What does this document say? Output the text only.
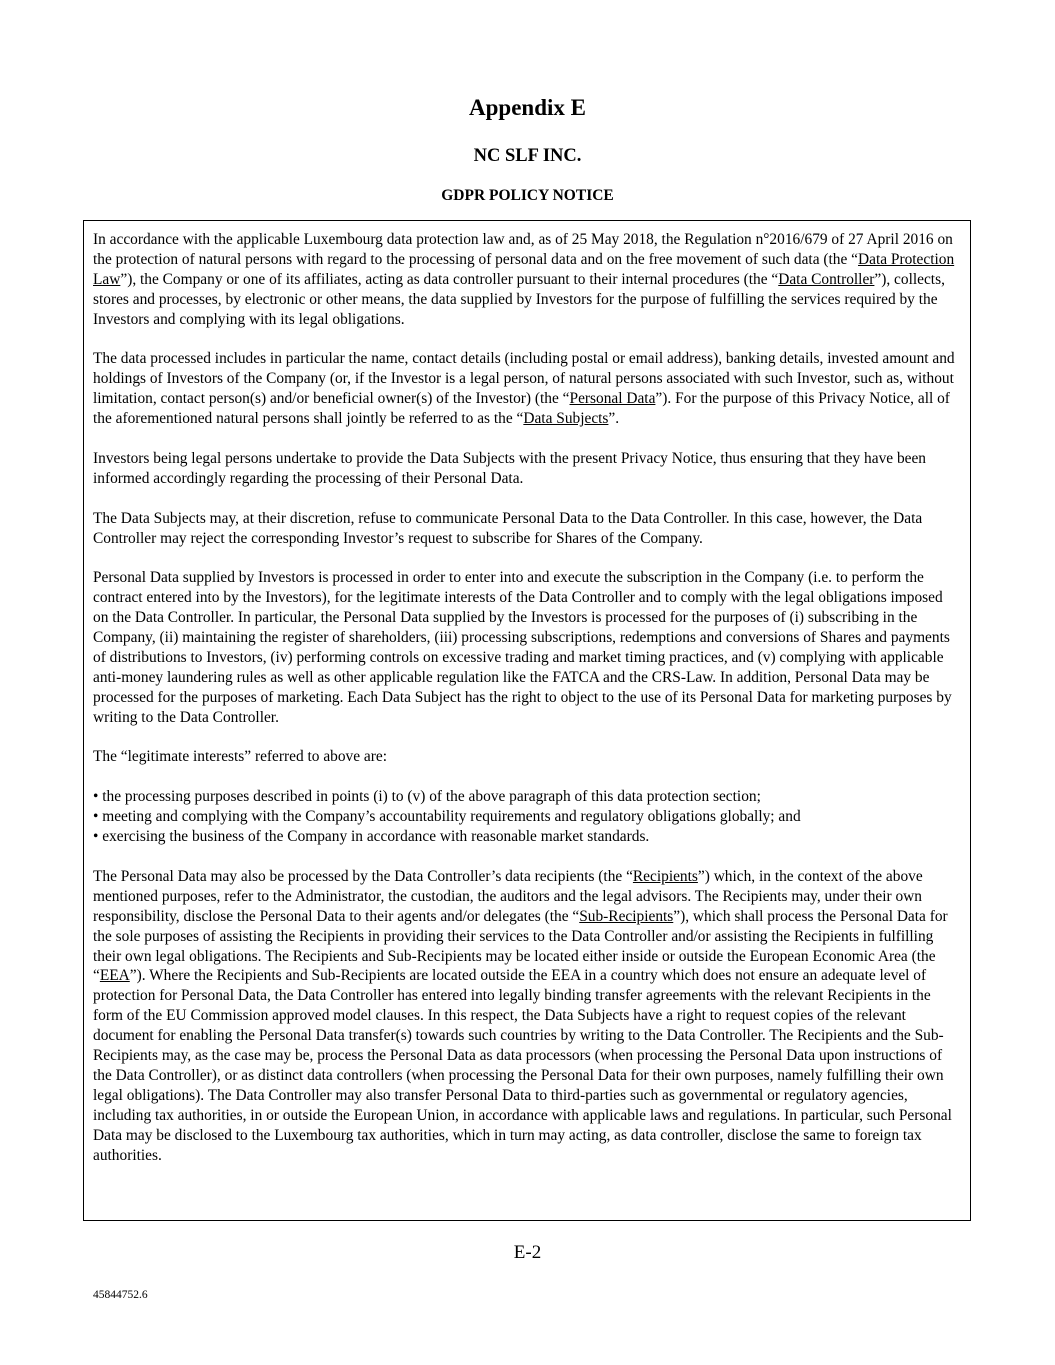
Appendix E
NC SLF INC.
GDPR POLICY NOTICE

In accordance with the applicable Luxembourg data protection law and, as of 25 May 2018, the Regulation n°2016/679 of 27 April 2016 on the protection of natural persons with regard to the processing of personal data and on the free movement of such data (the “Data Protection Law”), the Company or one of its affiliates, acting as data controller pursuant to their internal procedures (the “Data Controller”), collects, stores and processes, by electronic or other means, the data supplied by Investors for the purpose of fulfilling the services required by the Investors and complying with its legal obligations.

The data processed includes in particular the name, contact details (including postal or email address), banking details, invested amount and holdings of Investors of the Company (or, if the Investor is a legal person, of natural persons associated with such Investor, such as, without limitation, contact person(s) and/or beneficial owner(s) of the Investor) (the “Personal Data”). For the purpose of this Privacy Notice, all of the aforementioned natural persons shall jointly be referred to as the “Data Subjects”.

Investors being legal persons undertake to provide the Data Subjects with the present Privacy Notice, thus ensuring that they have been informed accordingly regarding the processing of their Personal Data.

The Data Subjects may, at their discretion, refuse to communicate Personal Data to the Data Controller. In this case, however, the Data Controller may reject the corresponding Investor’s request to subscribe for Shares of the Company.

Personal Data supplied by Investors is processed in order to enter into and execute the subscription in the Company (i.e. to perform the contract entered into by the Investors), for the legitimate interests of the Data Controller and to comply with the legal obligations imposed on the Data Controller. In particular, the Personal Data supplied by the Investors is processed for the purposes of (i) subscribing in the Company, (ii) maintaining the register of shareholders, (iii) processing subscriptions, redemptions and conversions of Shares and payments of distributions to Investors, (iv) performing controls on excessive trading and market timing practices, and (v) complying with applicable anti-money laundering rules as well as other applicable regulation like the FATCA and the CRS-Law. In addition, Personal Data may be processed for the purposes of marketing. Each Data Subject has the right to object to the use of its Personal Data for marketing purposes by writing to the Data Controller.

The “legitimate interests” referred to above are:

• the processing purposes described in points (i) to (v) of the above paragraph of this data protection section;
• meeting and complying with the Company’s accountability requirements and regulatory obligations globally; and
• exercising the business of the Company in accordance with reasonable market standards.

The Personal Data may also be processed by the Data Controller’s data recipients (the “Recipients”) which, in the context of the above mentioned purposes, refer to the Administrator, the custodian, the auditors and the legal advisors. The Recipients may, under their own responsibility, disclose the Personal Data to their agents and/or delegates (the “Sub-Recipients”), which shall process the Personal Data for the sole purposes of assisting the Recipients in providing their services to the Data Controller and/or assisting the Recipients in fulfilling their own legal obligations. The Recipients and Sub-Recipients may be located either inside or outside the European Economic Area (the “EEA”). Where the Recipients and Sub-Recipients are located outside the EEA in a country which does not ensure an adequate level of protection for Personal Data, the Data Controller has entered into legally binding transfer agreements with the relevant Recipients in the form of the EU Commission approved model clauses. In this respect, the Data Subjects have a right to request copies of the relevant document for enabling the Personal Data transfer(s) towards such countries by writing to the Data Controller. The Recipients and the Sub-Recipients may, as the case may be, process the Personal Data as data processors (when processing the Personal Data upon instructions of the Data Controller), or as distinct data controllers (when processing the Personal Data for their own purposes, namely fulfilling their own legal obligations). The Data Controller may also transfer Personal Data to third-parties such as governmental or regulatory agencies, including tax authorities, in or outside the European Union, in accordance with applicable laws and regulations. In particular, such Personal Data may be disclosed to the Luxembourg tax authorities, which in turn may acting, as data controller, disclose the same to foreign tax authorities.

E-2
45844752.6
